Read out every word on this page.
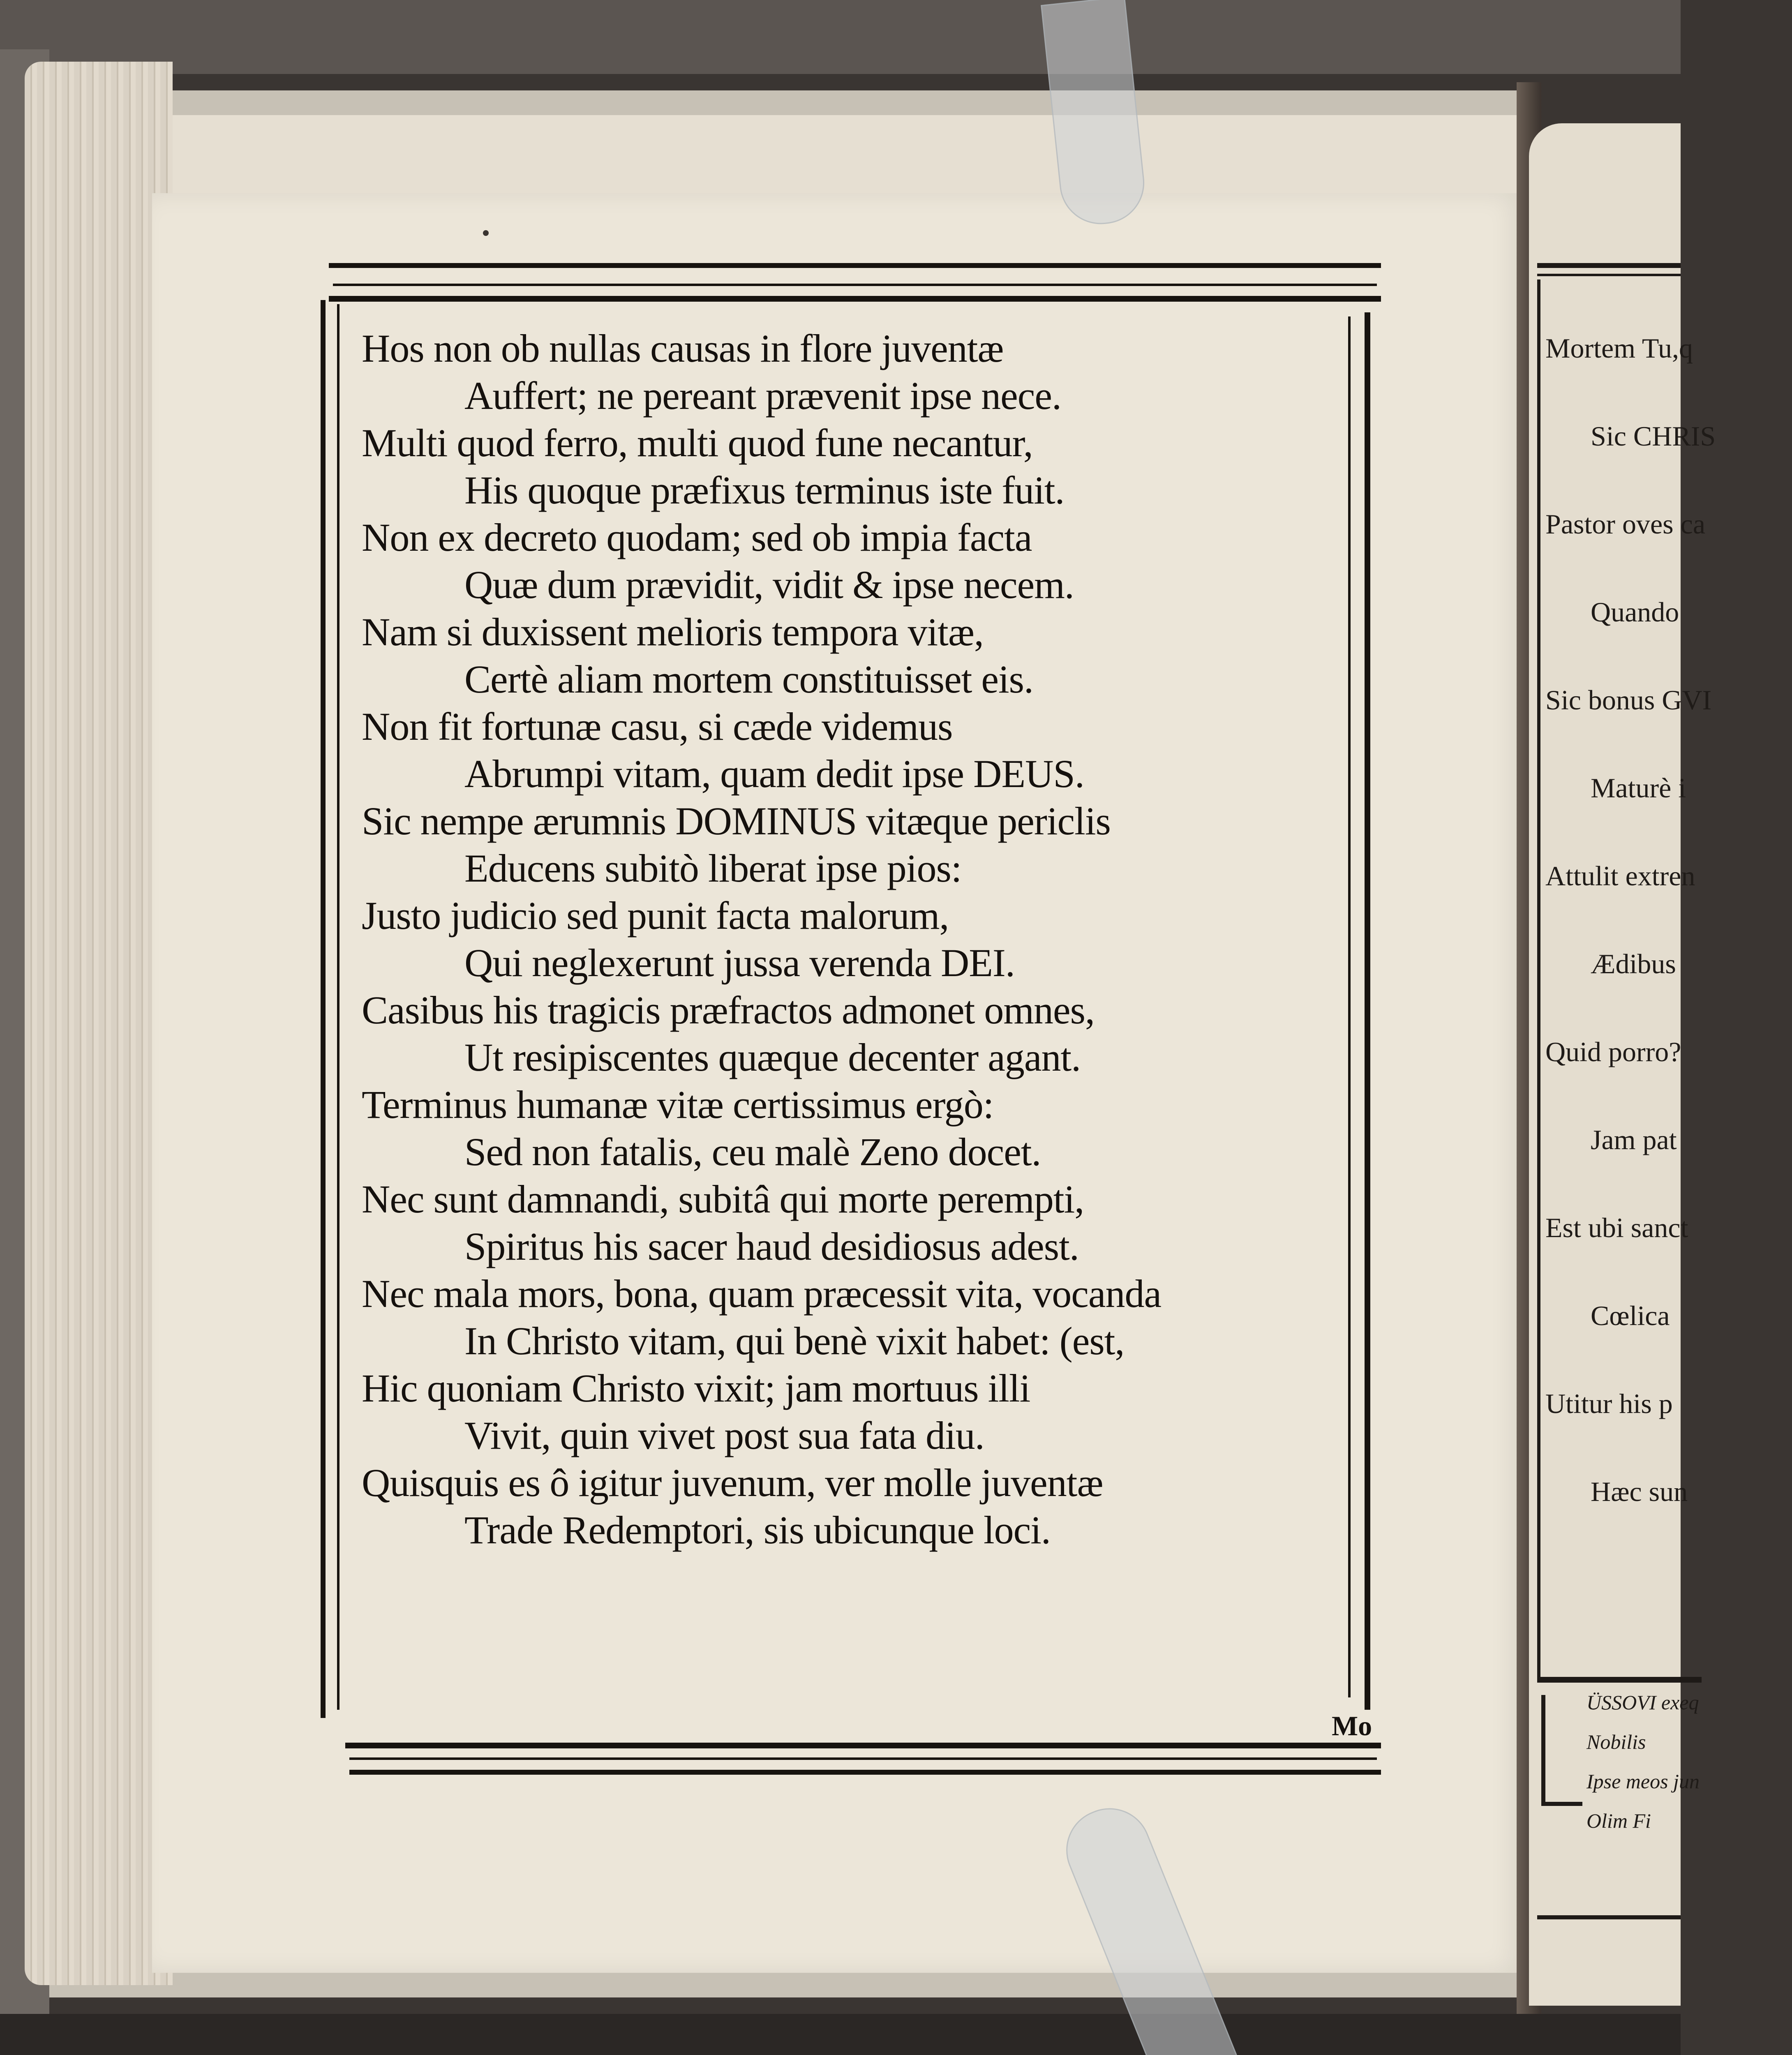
Mortem Tu,q
Sic CHRIS
Pastor oves ca
Quando
Sic bonus GVI
Maturè i
Attulit extren
Ædibus
Quid porro?
Jam pat
Est ubi sanct
Cœlica
Utitur his p
Hæc sun
ÜSSOVI exeq
Nobilis
Ipse meos jun
Olim Fi
Hos non ob nullas causas in flore juventæ
Auffert; ne pereant prævenit ipse nece.
Multi quod ferro, multi quod fune necantur,
His quoque præfixus terminus iste fuit.
Non ex decreto quodam; sed ob impia facta
Quæ dum prævidit, vidit & ipse necem.
Nam si duxissent melioris tempora vitæ,
Certè aliam mortem constituisset eis.
Non fit fortunæ casu, si cæde videmus
Abrumpi vitam, quam dedit ipse DEUS.
Sic nempe ærumnis DOMINUS vitæque periclis
Educens subitò liberat ipse pios:
Justo judicio sed punit facta malorum,
Qui neglexerunt jussa verenda DEI.
Casibus his tragicis præfractos admonet omnes,
Ut resipiscentes quæque decenter agant.
Terminus humanæ vitæ certissimus ergò:
Sed non fatalis, ceu malè Zeno docet.
Nec sunt damnandi, subitâ qui morte perempti,
Spiritus his sacer haud desidiosus adest.
Nec mala mors, bona, quam præcessit vita, vocanda
In Christo vitam, qui benè vixit habet: (est,
Hic quoniam Christo vixit; jam mortuus illi
Vivit, quin vivet post sua fata diu.
Quisquis es ô igitur juvenum, ver molle juventæ
Trade Redemptori, sis ubicunque loci.
Mo
